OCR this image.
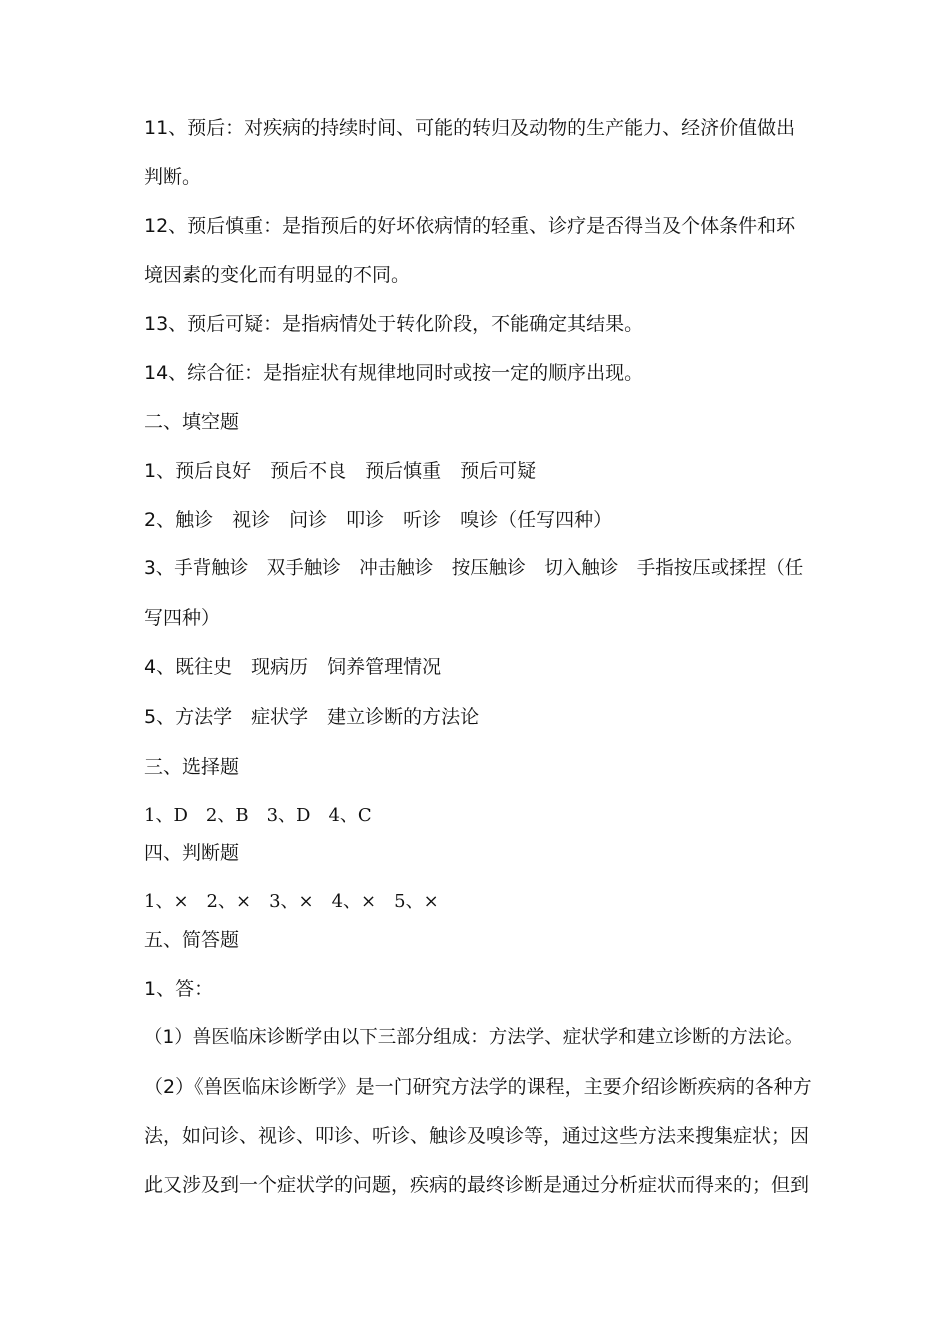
11、预后：对疾病的持续时间、可能的转归及动物的生产能力、经济价值做出
判断。
12、预后慎重：是指预后的好坏依病情的轻重、诊疗是否得当及个体条件和环
境因素的变化而有明显的不同。
13、预后可疑：是指病情处于转化阶段，不能确定其结果。
14、综合征：是指症状有规律地同时或按一定的顺序出现。
二、填空题
1、预后良好　预后不良　预后慎重　预后可疑
2、触诊　视诊　问诊　叩诊　听诊　嗅诊（任写四种）
3、手背触诊　双手触诊　冲击触诊　按压触诊　切入触诊　手指按压或揉捏（任
写四种）
4、既往史　现病历　饲养管理情况
5、方法学　症状学　建立诊断的方法论
三、选择题
1、D　2、B　3、D　4、C
四、判断题
1、×　2、×　3、×　4、×　5、×
五、简答题
1、答：
（1）兽医临床诊断学由以下三部分组成：方法学、症状学和建立诊断的方法论。
（2）《兽医临床诊断学》是一门研究方法学的课程，主要介绍诊断疾病的各种方
法，如问诊、视诊、叩诊、听诊、触诊及嗅诊等，通过这些方法来搜集症状；因
此又涉及到一个症状学的问题，疾病的最终诊断是通过分析症状而得来的；但到
